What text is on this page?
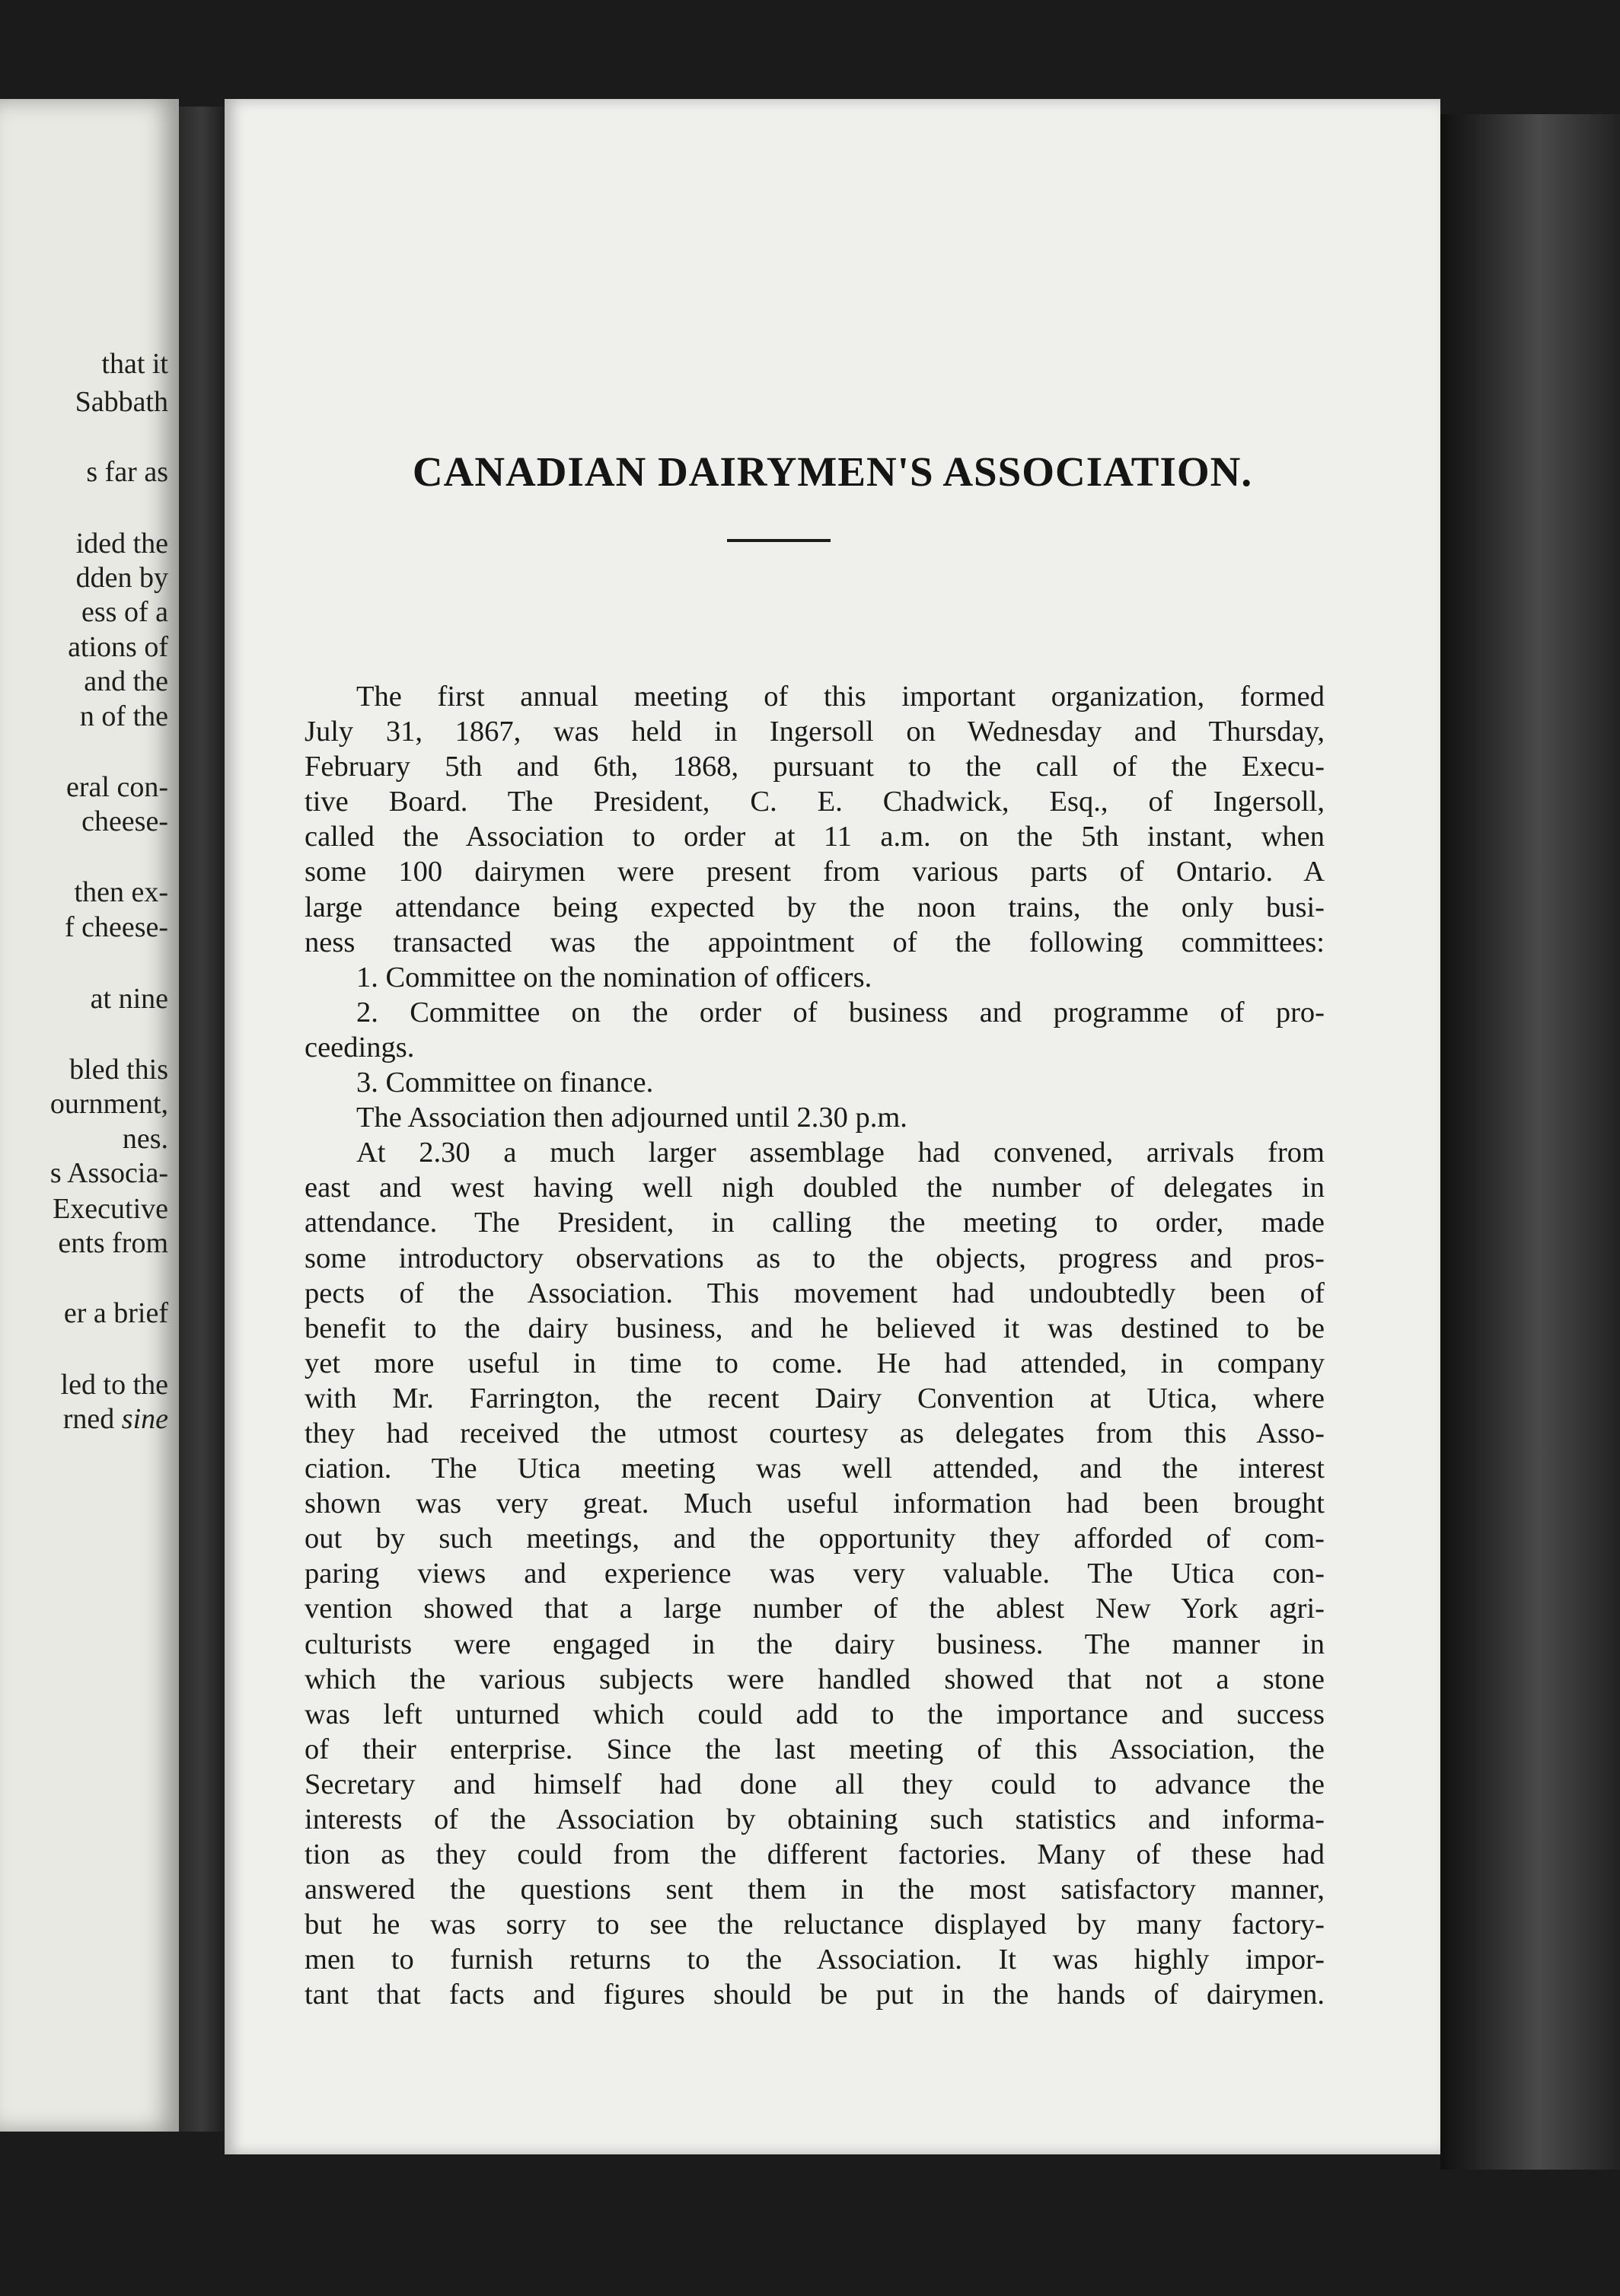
that it
Sabbath
s far as
ided the
dden by
ess of a
ations of
and the
n of the
eral con-
cheese-
then ex-
f cheese-
at nine
bled this
ournment,
nes.
s Associa-
Executive
ents from
er a brief
led to the
rned sine
CANADIAN DAIRYMEN'S ASSOCIATION.
The first annual meeting of this important organization, formed
July 31, 1867, was held in Ingersoll on Wednesday and Thursday,
February 5th and 6th, 1868, pursuant to the call of the Execu-
tive Board. The President, C. E. Chadwick, Esq., of Ingersoll,
called the Association to order at 11 a.m. on the 5th instant, when
some 100 dairymen were present from various parts of Ontario. A
large attendance being expected by the noon trains, the only busi-
ness transacted was the appointment of the following committees:
1. Committee on the nomination of officers.
2. Committee on the order of business and programme of pro-
ceedings.
3. Committee on finance.
The Association then adjourned until 2.30 p.m.
At 2.30 a much larger assemblage had convened, arrivals from
east and west having well nigh doubled the number of delegates in
attendance. The President, in calling the meeting to order, made
some introductory observations as to the objects, progress and pros-
pects of the Association. This movement had undoubtedly been of
benefit to the dairy business, and he believed it was destined to be
yet more useful in time to come. He had attended, in company
with Mr. Farrington, the recent Dairy Convention at Utica, where
they had received the utmost courtesy as delegates from this Asso-
ciation. The Utica meeting was well attended, and the interest
shown was very great. Much useful information had been brought
out by such meetings, and the opportunity they afforded of com-
paring views and experience was very valuable. The Utica con-
vention showed that a large number of the ablest New York agri-
culturists were engaged in the dairy business. The manner in
which the various subjects were handled showed that not a stone
was left unturned which could add to the importance and success
of their enterprise. Since the last meeting of this Association, the
Secretary and himself had done all they could to advance the
interests of the Association by obtaining such statistics and informa-
tion as they could from the different factories. Many of these had
answered the questions sent them in the most satisfactory manner,
but he was sorry to see the reluctance displayed by many factory-
men to furnish returns to the Association. It was highly impor-
tant that facts and figures should be put in the hands of dairymen.
